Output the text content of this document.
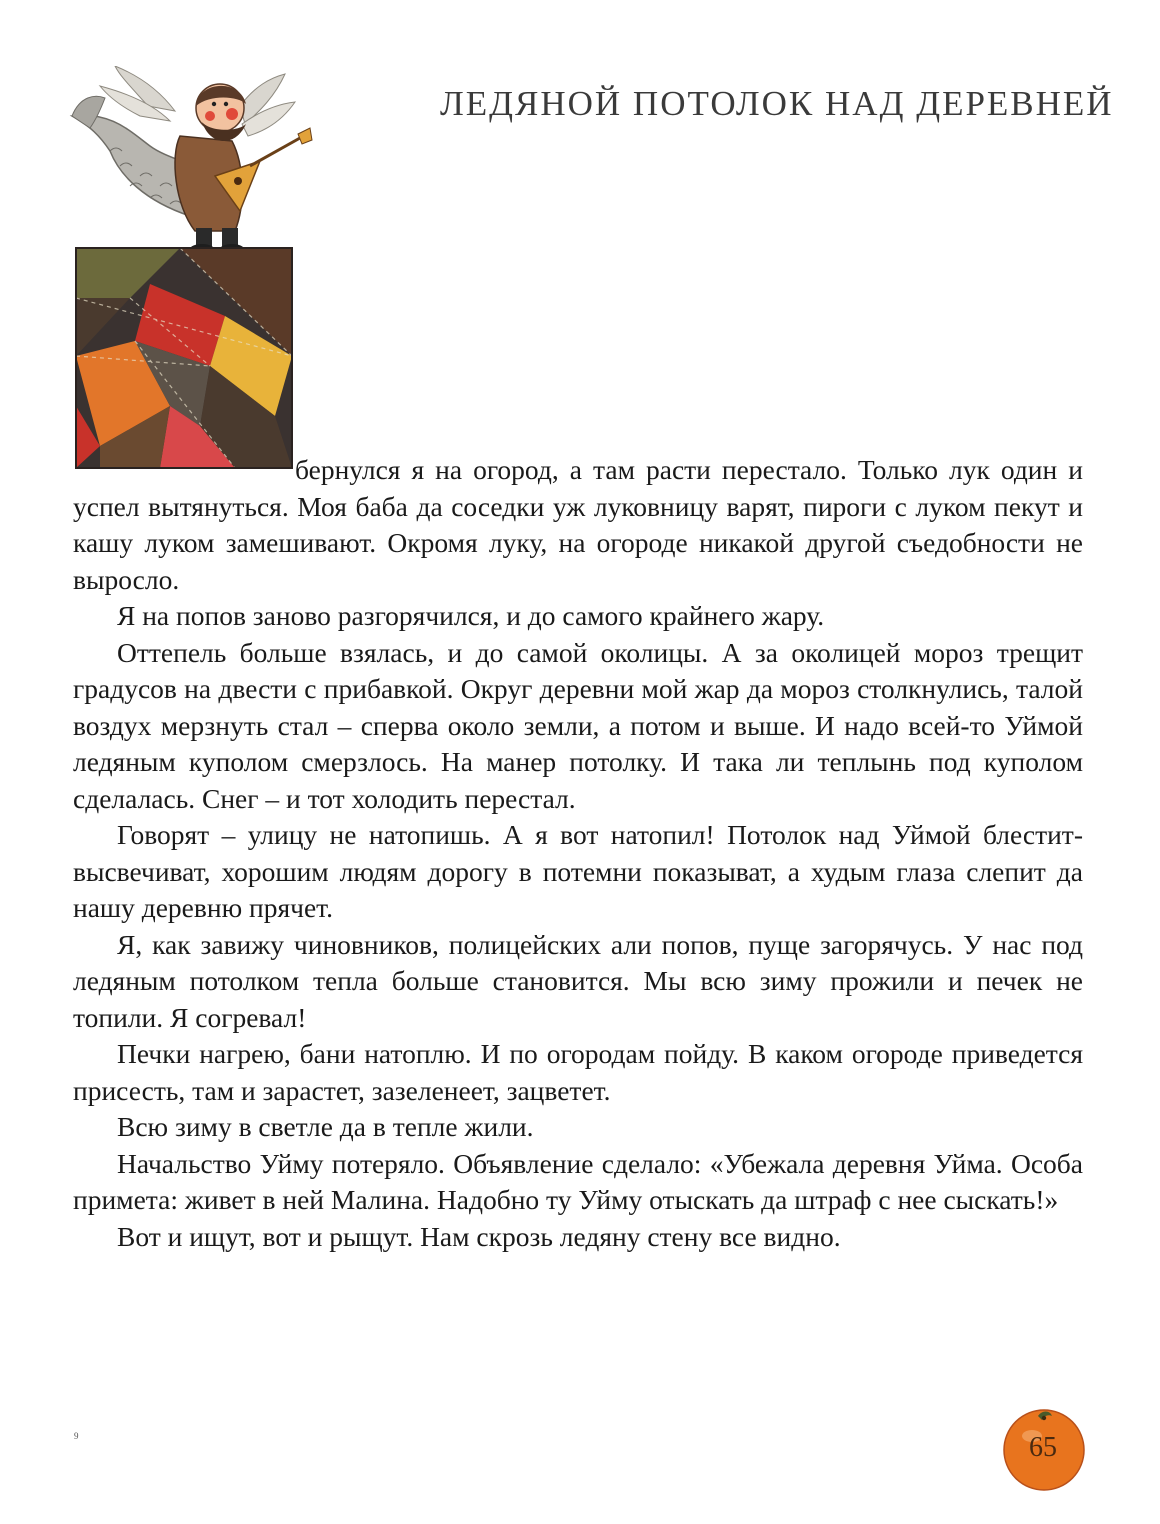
ЛЕДЯНОЙ ПОТОЛОК НАД ДЕРЕВНЕЙ

бернулся я на огород, а там расти перестало. Только лук один и успел вытянуться. Моя баба да соседки уж луковницу варят, пироги с луком пекут и кашу луком замешивают. Окромя луку, на огороде никакой другой съедобности не выросло.

Я на попов заново разгорячился, и до самого крайнего жару.

Оттепель больше взялась, и до самой околицы. А за околицей мороз трещит градусов на двести с прибавкой. Округ деревни мой жар да мороз столкнулись, талой воздух мерзнуть стал – сперва около земли, а потом и выше. И надо всей-то Уймой ледяным куполом смерзлось. На манер потолку. И така ли теплынь под куполом сделалась. Снег – и тот холодить перестал.

Говорят – улицу не натопишь. А я вот натопил! Потолок над Уймой блестит-высвечиват, хорошим людям дорогу в потемни показыват, а худым глаза слепит да нашу деревню прячет.

Я, как завижу чиновников, полицейских али попов, пуще загорячусь. У нас под ледяным потолком тепла больше становится. Мы всю зиму прожили и печек не топили. Я согревал!

Печки нагрею, бани натоплю. И по огородам пойду. В каком огороде приведется присесть, там и зарастет, зазеленеет, зацветет.

Всю зиму в светле да в тепле жили.

Начальство Уйму потеряло. Объявление сделало: «Убежала деревня Уйма. Особа примета: живет в ней Малина. Надобно ту Уйму отыскать да штраф с нее сыскать!»

Вот и ищут, вот и рыщут. Нам скрозь ледяну стену все видно.

9	65
